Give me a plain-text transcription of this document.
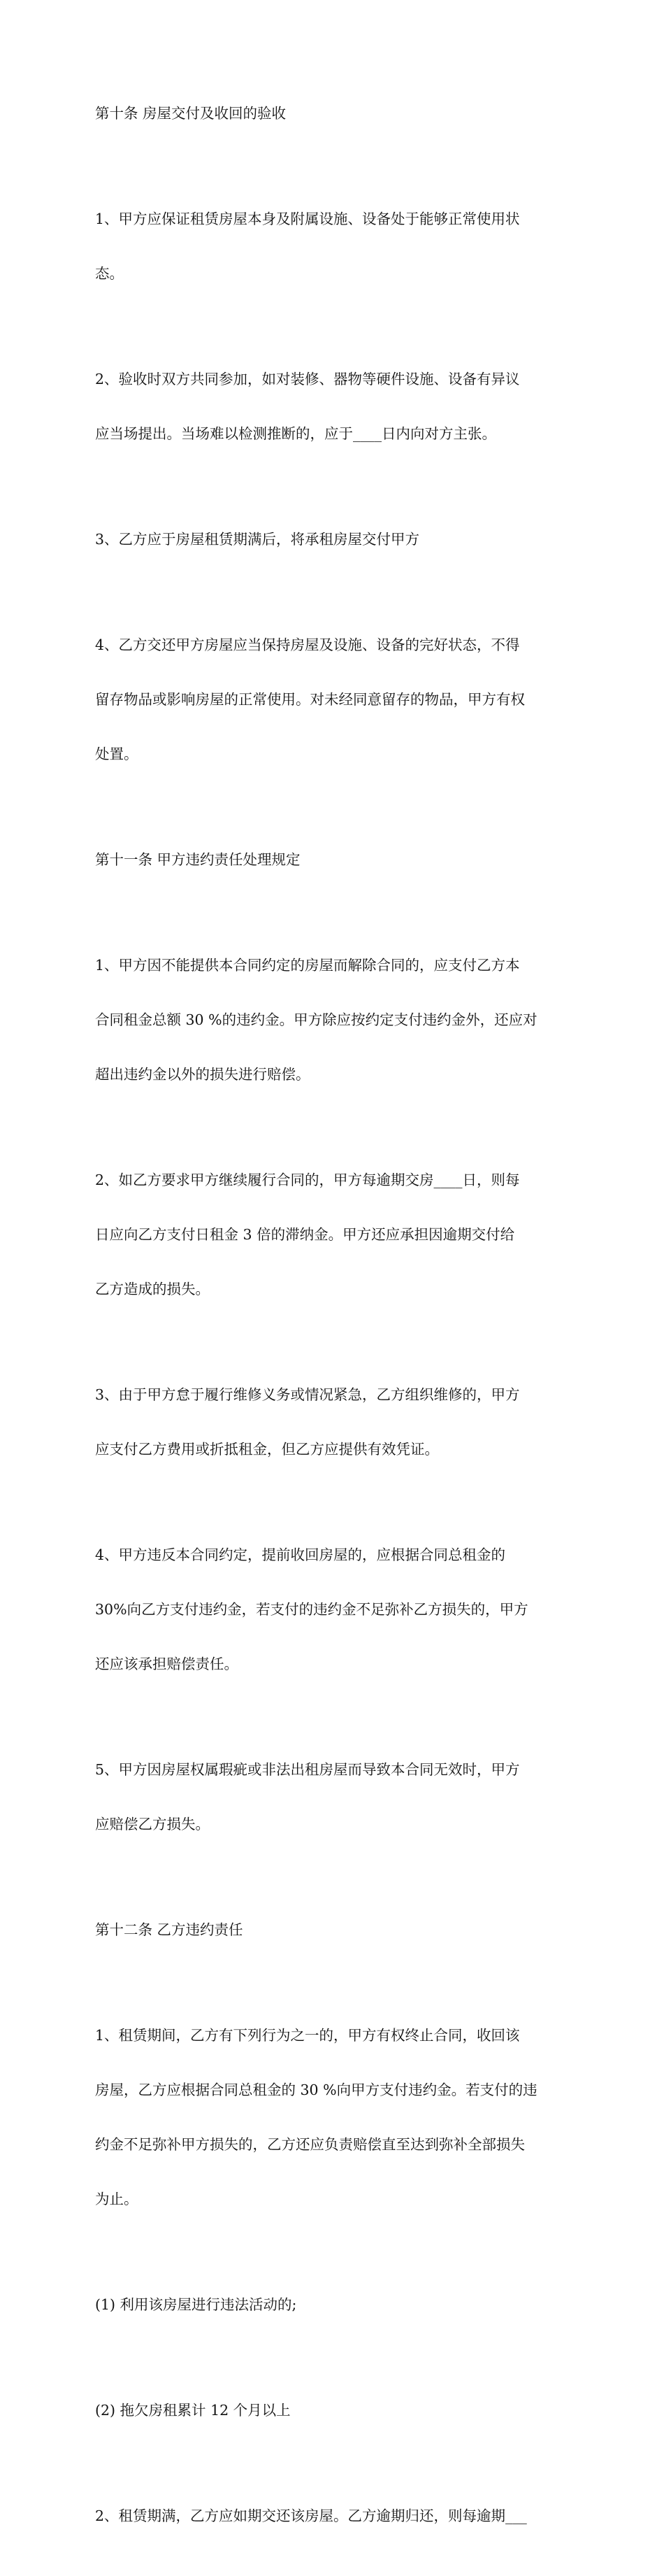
第十条 房屋交付及收回的验收

1、甲方应保证租赁房屋本身及附属设施、设备处于能够正常使用状

态。

2、验收时双方共同参加，如对装修、器物等硬件设施、设备有异议

应当场提出。当场难以检测推断的，应于____日内向对方主张。

3、乙方应于房屋租赁期满后，将承租房屋交付甲方

4、乙方交还甲方房屋应当保持房屋及设施、设备的完好状态，不得

留存物品或影响房屋的正常使用。对未经同意留存的物品，甲方有权

处置。

第十一条 甲方违约责任处理规定

1、甲方因不能提供本合同约定的房屋而解除合同的，应支付乙方本

合同租金总额 30 %的违约金。甲方除应按约定支付违约金外，还应对

超出违约金以外的损失进行赔偿。

2、如乙方要求甲方继续履行合同的，甲方每逾期交房____日，则每

日应向乙方支付日租金 3 倍的滞纳金。甲方还应承担因逾期交付给

乙方造成的损失。

3、由于甲方怠于履行维修义务或情况紧急，乙方组织维修的，甲方

应支付乙方费用或折抵租金，但乙方应提供有效凭证。

4、甲方违反本合同约定，提前收回房屋的，应根据合同总租金的

30%向乙方支付违约金，若支付的违约金不足弥补乙方损失的，甲方

还应该承担赔偿责任。

5、甲方因房屋权属瑕疵或非法出租房屋而导致本合同无效时，甲方

应赔偿乙方损失。

第十二条 乙方违约责任

1、租赁期间，乙方有下列行为之一的，甲方有权终止合同，收回该

房屋，乙方应根据合同总租金的 30 %向甲方支付违约金。若支付的违

约金不足弥补甲方损失的，乙方还应负责赔偿直至达到弥补全部损失

为止。

(1) 利用该房屋进行违法活动的;

(2) 拖欠房租累计 12 个月以上

2、租赁期满，乙方应如期交还该房屋。乙方逾期归还，则每逾期___
